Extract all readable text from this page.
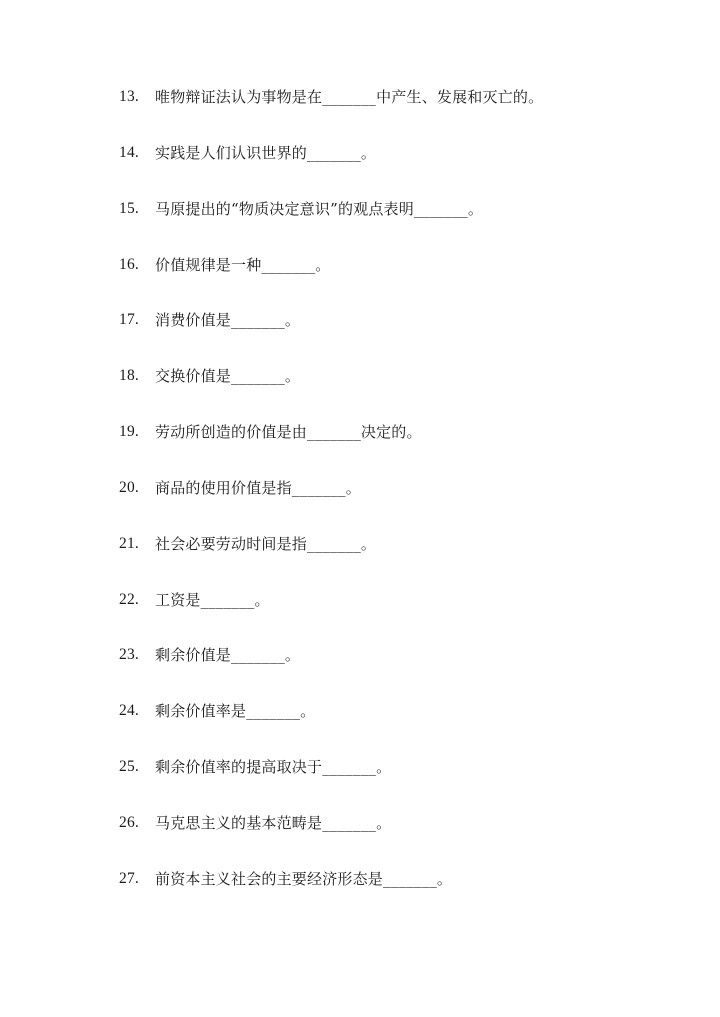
13.	唯物辩证法认为事物是在_______中产生、发展和灭亡的。
14.	实践是人们认识世界的_______。
15.	马原提出的“物质决定意识”的观点表明_______。
16.	价值规律是一种_______。
17.	消费价值是_______。
18.	交换价值是_______。
19.	劳动所创造的价值是由_______决定的。
20.	商品的使用价值是指_______。
21.	社会必要劳动时间是指_______。
22.	工资是_______。
23.	剩余价值是_______。
24.	剩余价值率是_______。
25.	剩余价值率的提高取决于_______。
26.	马克思主义的基本范畴是_______。
27.	前资本主义社会的主要经济形态是_______。
